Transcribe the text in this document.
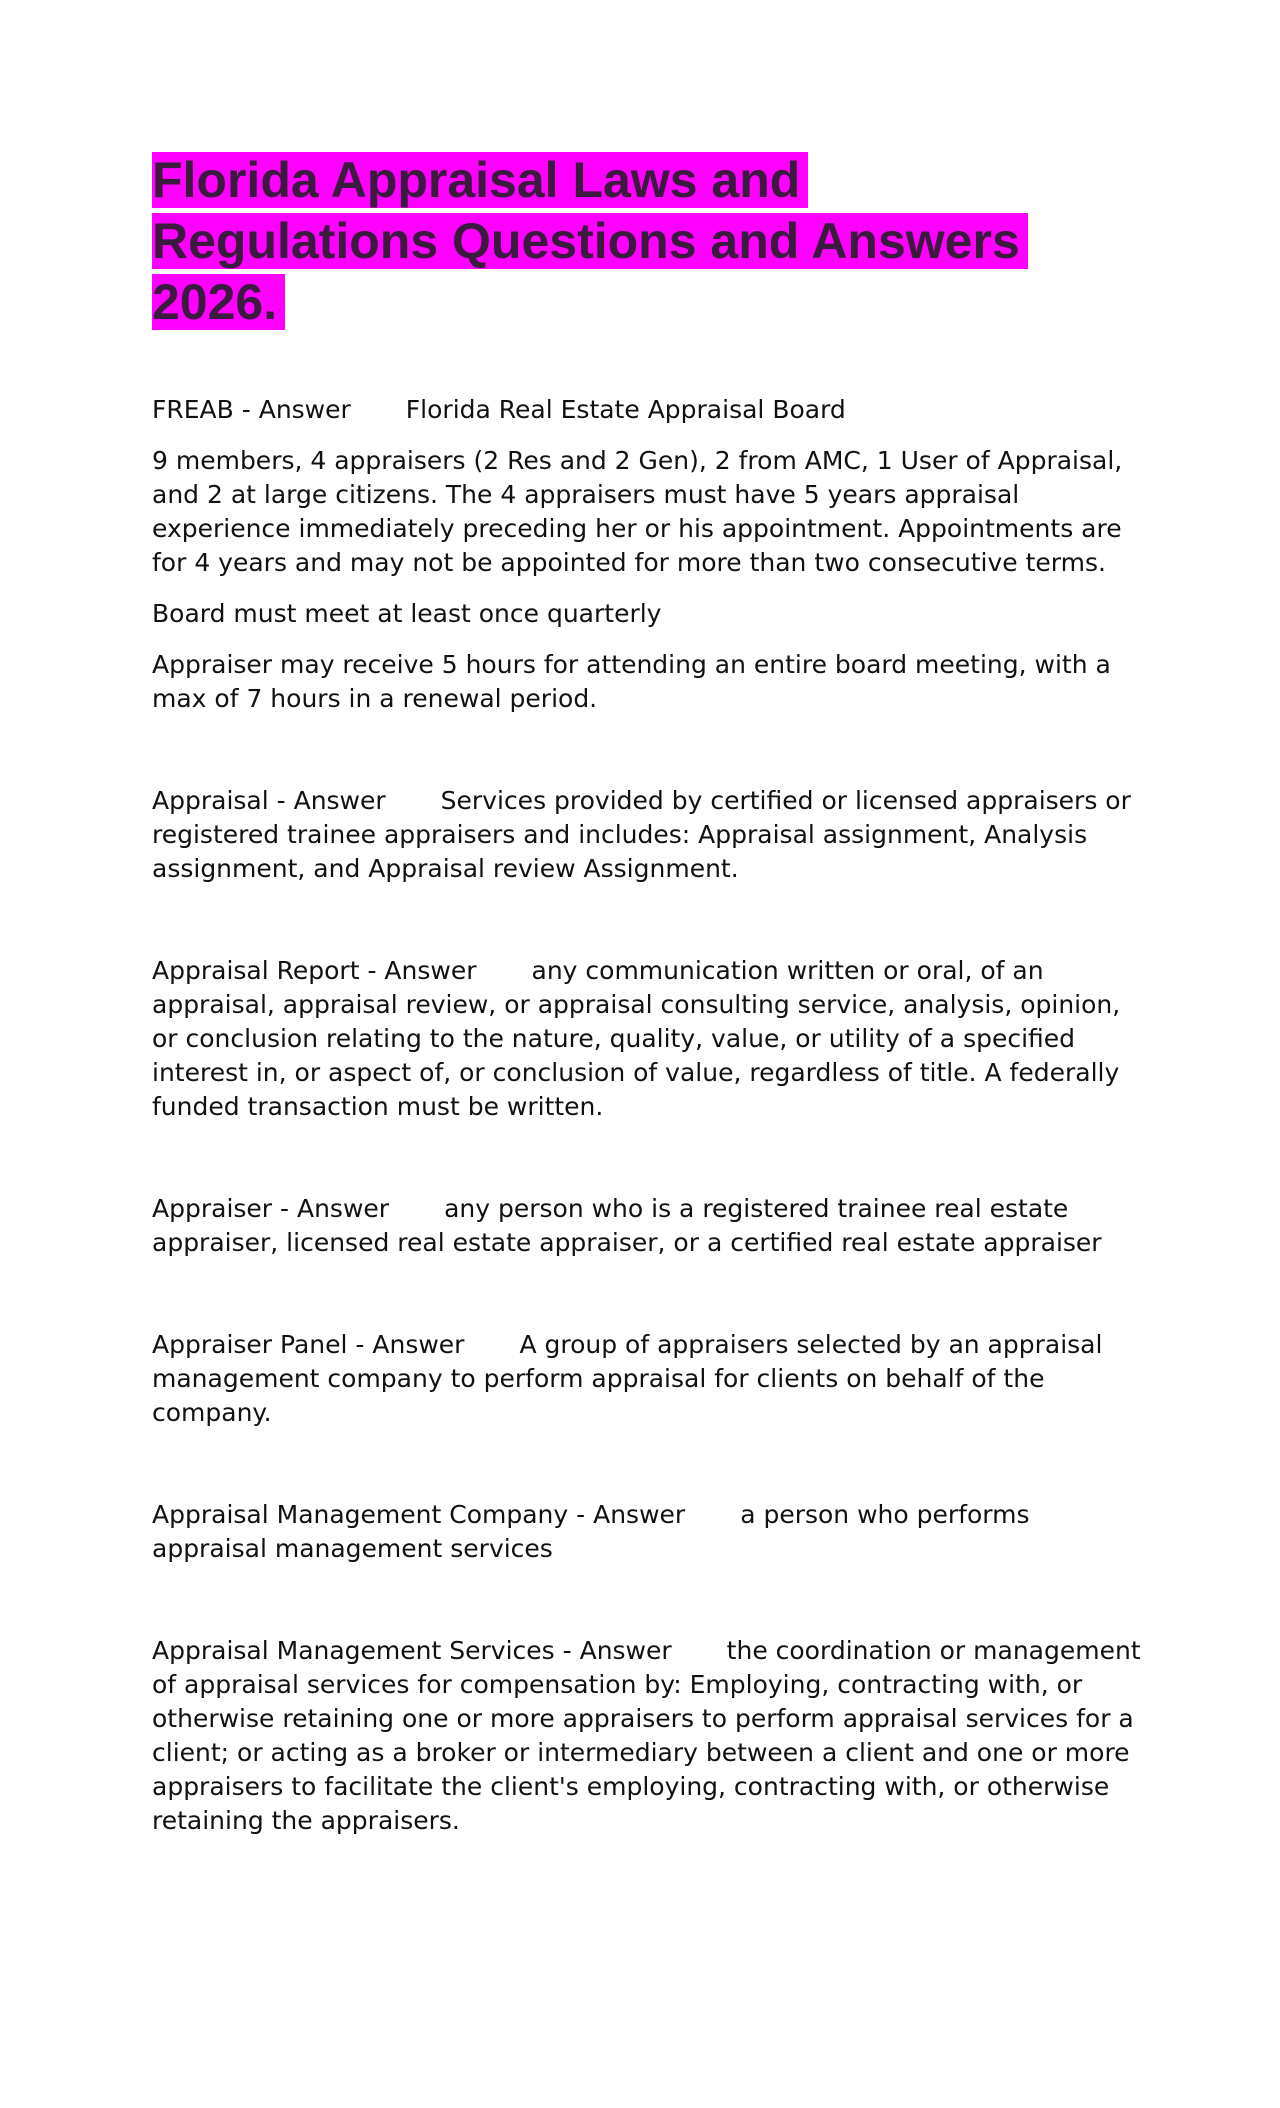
Florida Appraisal Laws and
Regulations Questions and Answers
2026.

FREAB - Answer Florida Real Estate Appraisal Board

9 members, 4 appraisers (2 Res and 2 Gen), 2 from AMC, 1 User of Appraisal, and 2 at large citizens. The 4 appraisers must have 5 years appraisal experience immediately preceding her or his appointment. Appointments are for 4 years and may not be appointed for more than two consecutive terms.

Board must meet at least once quarterly

Appraiser may receive 5 hours for attending an entire board meeting, with a max of 7 hours in a renewal period.

Appraisal - Answer Services provided by certified or licensed appraisers or registered trainee appraisers and includes: Appraisal assignment, Analysis assignment, and Appraisal review Assignment.

Appraisal Report - Answer any communication written or oral, of an appraisal, appraisal review, or appraisal consulting service, analysis, opinion, or conclusion relating to the nature, quality, value, or utility of a specified interest in, or aspect of, or conclusion of value, regardless of title. A federally funded transaction must be written.

Appraiser - Answer any person who is a registered trainee real estate appraiser, licensed real estate appraiser, or a certified real estate appraiser

Appraiser Panel - Answer A group of appraisers selected by an appraisal management company to perform appraisal for clients on behalf of the company.

Appraisal Management Company - Answer a person who performs appraisal management services

Appraisal Management Services - Answer the coordination or management of appraisal services for compensation by: Employing, contracting with, or otherwise retaining one or more appraisers to perform appraisal services for a client; or acting as a broker or intermediary between a client and one or more appraisers to facilitate the client's employing, contracting with, or otherwise retaining the appraisers.
